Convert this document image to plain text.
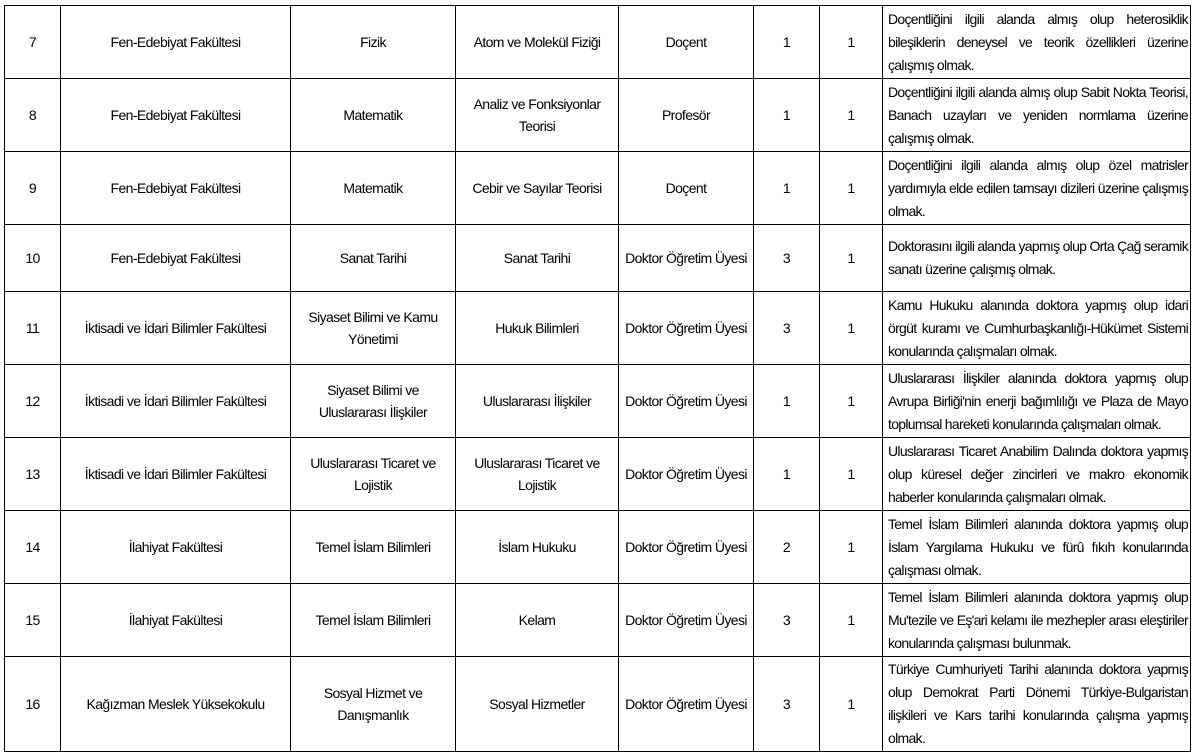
7	Fen-Edebiyat Fakültesi	Fizik	Atom ve Molekül Fiziği	Doçent	1	1	Doçentliğini ilgili alanda almış olup heterosiklik bileşiklerin deneysel ve teorik özellikleri üzerine çalışmış olmak.
8	Fen-Edebiyat Fakültesi	Matematik	Analiz ve Fonksiyonlar Teorisi	Profesör	1	1	Doçentliğini ilgili alanda almış olup Sabit Nokta Teorisi, Banach uzayları ve yeniden normlama üzerine çalışmış olmak.
9	Fen-Edebiyat Fakültesi	Matematik	Cebir ve Sayılar Teorisi	Doçent	1	1	Doçentliğini ilgili alanda almış olup özel matrisler yardımıyla elde edilen tamsayı dizileri üzerine çalışmış olmak.
10	Fen-Edebiyat Fakültesi	Sanat Tarihi	Sanat Tarihi	Doktor Öğretim Üyesi	3	1	Doktorasını ilgili alanda yapmış olup Orta Çağ seramik sanatı üzerine çalışmış olmak.
11	İktisadi ve İdari Bilimler Fakültesi	Siyaset Bilimi ve Kamu Yönetimi	Hukuk Bilimleri	Doktor Öğretim Üyesi	3	1	Kamu Hukuku alanında doktora yapmış olup idari örgüt kuramı ve Cumhurbaşkanlığı-Hükümet Sistemi konularında çalışmaları olmak.
12	İktisadi ve İdari Bilimler Fakültesi	Siyaset Bilimi ve Uluslararası İlişkiler	Uluslararası İlişkiler	Doktor Öğretim Üyesi	1	1	Uluslararası İlişkiler alanında doktora yapmış olup Avrupa Birliği'nin enerji bağımlılığı ve Plaza de Mayo toplumsal hareketi konularında çalışmaları olmak.
13	İktisadi ve İdari Bilimler Fakültesi	Uluslararası Ticaret ve Lojistik	Uluslararası Ticaret ve Lojistik	Doktor Öğretim Üyesi	1	1	Uluslararası Ticaret Anabilim Dalında doktora yapmış olup küresel değer zincirleri ve makro ekonomik haberler konularında çalışmaları olmak.
14	İlahiyat Fakültesi	Temel İslam Bilimleri	İslam Hukuku	Doktor Öğretim Üyesi	2	1	Temel İslam Bilimleri alanında doktora yapmış olup İslam Yargılama Hukuku ve fürû fıkıh konularında çalışması olmak.
15	İlahiyat Fakültesi	Temel İslam Bilimleri	Kelam	Doktor Öğretim Üyesi	3	1	Temel İslam Bilimleri alanında doktora yapmış olup Mu'tezile ve Eş'ari kelamı ile mezhepler arası eleştiriler konularında çalışması bulunmak.
16	Kağızman Meslek Yüksekokulu	Sosyal Hizmet ve Danışmanlık	Sosyal Hizmetler	Doktor Öğretim Üyesi	3	1	Türkiye Cumhuriyeti Tarihi alanında doktora yapmış olup Demokrat Parti Dönemi Türkiye-Bulgaristan ilişkileri ve Kars tarihi konularında çalışma yapmış olmak.
